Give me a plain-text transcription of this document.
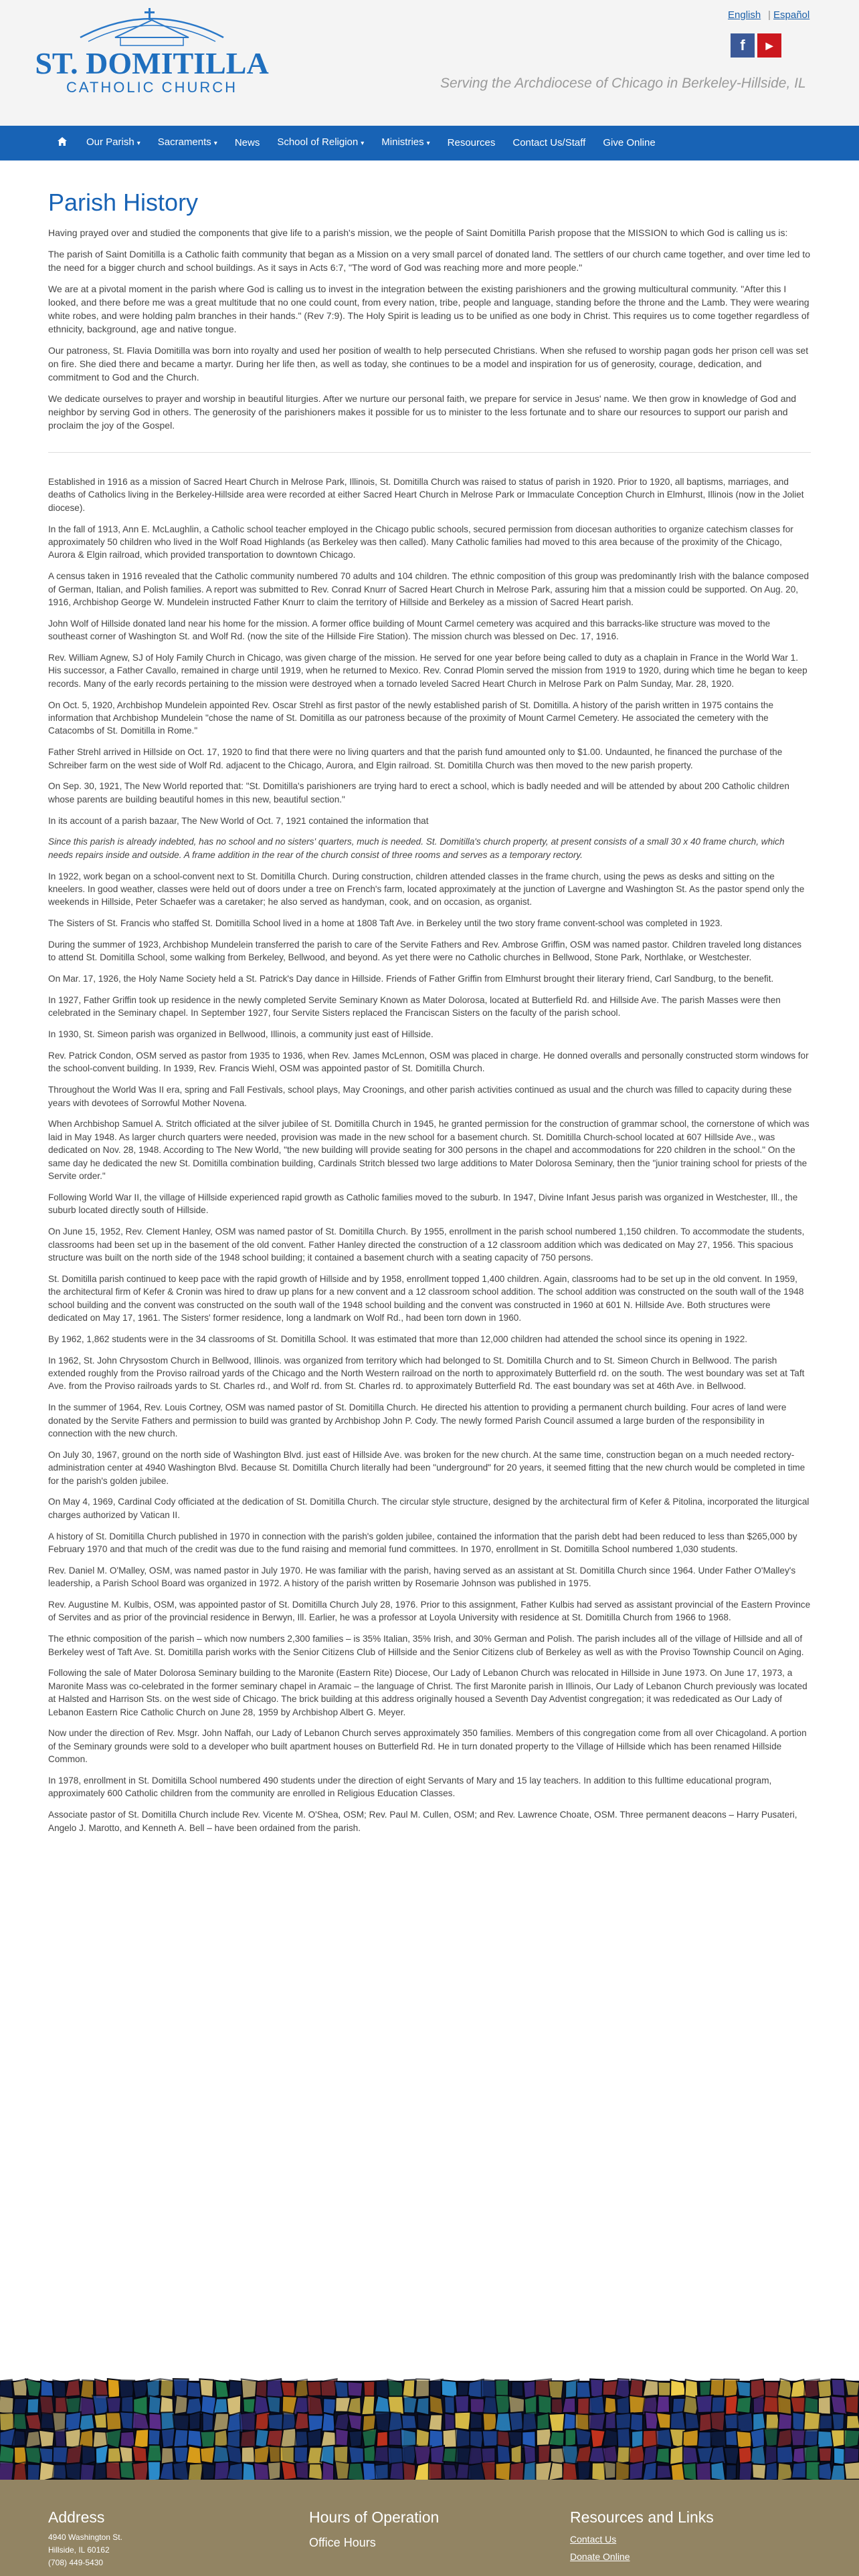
ST. DOMITILLA
CATHOLIC CHURCH
English | Español
f	▶
Serving the Archdiocese of Chicago in Berkeley-Hillside, IL
Our Parish ▾	Sacraments ▾	News	School of Religion ▾	Ministries ▾	Resources	Contact Us/Staff	Give Online
Parish History

Having prayed over and studied the components that give life to a parish's mission, we the people of Saint Domitilla Parish propose that the MISSION to which God is calling us is:

The parish of Saint Domitilla is a Catholic faith community that began as a Mission on a very small parcel of donated land. The settlers of our church came together, and over time led to the need for a bigger church and school buildings. As it says in Acts 6:7, "The word of God was reaching more and more people."

We are at a pivotal moment in the parish where God is calling us to invest in the integration between the existing parishioners and the growing multicultural community. "After this I looked, and there before me was a great multitude that no one could count, from every nation, tribe, people and language, standing before the throne and the Lamb. They were wearing white robes, and were holding palm branches in their hands." (Rev 7:9). The Holy Spirit is leading us to be unified as one body in Christ. This requires us to come together regardless of ethnicity, background, age and native tongue.

Our patroness, St. Flavia Domitilla was born into royalty and used her position of wealth to help persecuted Christians. When she refused to worship pagan gods her prison cell was set on fire. She died there and became a martyr. During her life then, as well as today, she continues to be a model and inspiration for us of generosity, courage, dedication, and commitment to God and the Church.

We dedicate ourselves to prayer and worship in beautiful liturgies. After we nurture our personal faith, we prepare for service in Jesus' name. We then grow in knowledge of God and neighbor by serving God in others. The generosity of the parishioners makes it possible for us to minister to the less fortunate and to share our resources to support our parish and proclaim the joy of the Gospel.

Established in 1916 as a mission of Sacred Heart Church in Melrose Park, Illinois, St. Domitilla Church was raised to status of parish in 1920. Prior to 1920, all baptisms, marriages, and deaths of Catholics living in the Berkeley-Hillside area were recorded at either Sacred Heart Church in Melrose Park or Immaculate Conception Church in Elmhurst, Illinois (now in the Joliet diocese).

In the fall of 1913, Ann E. McLaughlin, a Catholic school teacher employed in the Chicago public schools, secured permission from diocesan authorities to organize catechism classes for approximately 50 children who lived in the Wolf Road Highlands (as Berkeley was then called). Many Catholic families had moved to this area because of the proximity of the Chicago, Aurora & Elgin railroad, which provided transportation to downtown Chicago.

A census taken in 1916 revealed that the Catholic community numbered 70 adults and 104 children. The ethnic composition of this group was predominantly Irish with the balance composed of German, Italian, and Polish families. A report was submitted to Rev. Conrad Knurr of Sacred Heart Church in Melrose Park, assuring him that a mission could be supported. On Aug. 20, 1916, Archbishop George W. Mundelein instructed Father Knurr to claim the territory of Hillside and Berkeley as a mission of Sacred Heart parish.

John Wolf of Hillside donated land near his home for the mission. A former office building of Mount Carmel cemetery was acquired and this barracks-like structure was moved to the southeast corner of Washington St. and Wolf Rd. (now the site of the Hillside Fire Station). The mission church was blessed on Dec. 17, 1916.

Rev. William Agnew, SJ of Holy Family Church in Chicago, was given charge of the mission. He served for one year before being called to duty as a chaplain in France in the World War 1. His successor, a Father Cavallo, remained in charge until 1919, when he returned to Mexico. Rev. Conrad Plomin served the mission from 1919 to 1920, during which time he began to keep records. Many of the early records pertaining to the mission were destroyed when a tornado leveled Sacred Heart Church in Melrose Park on Palm Sunday, Mar. 28, 1920.

On Oct. 5, 1920, Archbishop Mundelein appointed Rev. Oscar Strehl as first pastor of the newly established parish of St. Domitilla. A history of the parish written in 1975 contains the information that Archbishop Mundelein "chose the name of St. Domitilla as our patroness because of the proximity of Mount Carmel Cemetery. He associated the cemetery with the Catacombs of St. Domitilla in Rome."

Father Strehl arrived in Hillside on Oct. 17, 1920 to find that there were no living quarters and that the parish fund amounted only to $1.00. Undaunted, he financed the purchase of the Schreiber farm on the west side of Wolf Rd. adjacent to the Chicago, Aurora, and Elgin railroad. St. Domitilla Church was then moved to the new parish property.

On Sep. 30, 1921, The New World reported that: "St. Domitilla's parishioners are trying hard to erect a school, which is badly needed and will be attended by about 200 Catholic children whose parents are building beautiful homes in this new, beautiful section."

In its account of a parish bazaar, The New World of Oct. 7, 1921 contained the information that

Since this parish is already indebted, has no school and no sisters' quarters, much is needed. St. Domitilla's church property, at present consists of a small 30 x 40 frame church, which needs repairs inside and outside. A frame addition in the rear of the church consist of three rooms and serves as a temporary rectory.

In 1922, work began on a school-convent next to St. Domitilla Church. During construction, children attended classes in the frame church, using the pews as desks and sitting on the kneelers. In good weather, classes were held out of doors under a tree on French's farm, located approximately at the junction of Lavergne and Washington St. As the pastor spend only the weekends in Hillside, Peter Schaefer was a caretaker; he also served as handyman, cook, and on occasion, as organist.

The Sisters of St. Francis who staffed St. Domitilla School lived in a home at 1808 Taft Ave. in Berkeley until the two story frame convent-school was completed in 1923.

During the summer of 1923, Archbishop Mundelein transferred the parish to care of the Servite Fathers and Rev. Ambrose Griffin, OSM was named pastor. Children traveled long distances to attend St. Domitilla School, some walking from Berkeley, Bellwood, and beyond. As yet there were no Catholic churches in Bellwood, Stone Park, Northlake, or Westchester.

On Mar. 17, 1926, the Holy Name Society held a St. Patrick's Day dance in Hillside. Friends of Father Griffin from Elmhurst brought their literary friend, Carl Sandburg, to the benefit.

In 1927, Father Griffin took up residence in the newly completed Servite Seminary Known as Mater Dolorosa, located at Butterfield Rd. and Hillside Ave. The parish Masses were then celebrated in the Seminary chapel. In September 1927, four Servite Sisters replaced the Franciscan Sisters on the faculty of the parish school.

In 1930, St. Simeon parish was organized in Bellwood, Illinois, a community just east of Hillside.

Rev. Patrick Condon, OSM served as pastor from 1935 to 1936, when Rev. James McLennon, OSM was placed in charge. He donned overalls and personally constructed storm windows for the school-convent building. In 1939, Rev. Francis Wiehl, OSM was appointed pastor of St. Domitilla Church.

Throughout the World Was II era, spring and Fall Festivals, school plays, May Croonings, and other parish activities continued as usual and the church was filled to capacity during these years with devotees of Sorrowful Mother Novena.

When Archbishop Samuel A. Stritch officiated at the silver jubilee of St. Domitilla Church in 1945, he granted permission for the construction of grammar school, the cornerstone of which was laid in May 1948. As larger church quarters were needed, provision was made in the new school for a basement church. St. Domitilla Church-school located at 607 Hillside Ave., was dedicated on Nov. 28, 1948. According to The New World, "the new building will provide seating for 300 persons in the chapel and accommodations for 220 children in the school." On the same day he dedicated the new St. Domitilla combination building, Cardinals Stritch blessed two large additions to Mater Dolorosa Seminary, then the "junior training school for priests of the Servite order."

Following World War II, the village of Hillside experienced rapid growth as Catholic families moved to the suburb. In 1947, Divine Infant Jesus parish was organized in Westchester, Ill., the suburb located directly south of Hillside.

On June 15, 1952, Rev. Clement Hanley, OSM was named pastor of St. Domitilla Church. By 1955, enrollment in the parish school numbered 1,150 children. To accommodate the students, classrooms had been set up in the basement of the old convent. Father Hanley directed the construction of a 12 classroom addition which was dedicated on May 27, 1956. This spacious structure was built on the north side of the 1948 school building; it contained a basement church with a seating capacity of 750 persons.

St. Domitilla parish continued to keep pace with the rapid growth of Hillside and by 1958, enrollment topped 1,400 children. Again, classrooms had to be set up in the old convent. In 1959, the architectural firm of Kefer & Cronin was hired to draw up plans for a new convent and a 12 classroom school addition. The school addition was constructed on the south wall of the 1948 school building and the convent was constructed on the south wall of the 1948 school building and the convent was constructed in 1960 at 601 N. Hillside Ave. Both structures were dedicated on May 17, 1961. The Sisters' former residence, long a landmark on Wolf Rd., had been torn down in 1960.

By 1962, 1,862 students were in the 34 classrooms of St. Domitilla School. It was estimated that more than 12,000 children had attended the school since its opening in 1922.

In 1962, St. John Chrysostom Church in Bellwood, Illinois. was organized from territory which had belonged to St. Domitilla Church and to St. Simeon Church in Bellwood. The parish extended roughly from the Proviso railroad yards of the Chicago and the North Western railroad on the north to approximately Butterfield rd. on the south. The west boundary was set at Taft Ave. from the Proviso railroads yards to St. Charles rd., and Wolf rd. from St. Charles rd. to approximately Butterfield Rd. The east boundary was set at 46th Ave. in Bellwood.

In the summer of 1964, Rev. Louis Cortney, OSM was named pastor of St. Domitilla Church. He directed his attention to providing a permanent church building. Four acres of land were donated by the Servite Fathers and permission to build was granted by Archbishop John P. Cody. The newly formed Parish Council assumed a large burden of the responsibility in connection with the new church.

On July 30, 1967, ground on the north side of Washington Blvd. just east of Hillside Ave. was broken for the new church. At the same time, construction began on a much needed rectory-administration center at 4940 Washington Blvd. Because St. Domitilla Church literally had been "underground" for 20 years, it seemed fitting that the new church would be completed in time for the parish's golden jubilee.

On May 4, 1969, Cardinal Cody officiated at the dedication of St. Domitilla Church. The circular style structure, designed by the architectural firm of Kefer & Pitolina, incorporated the liturgical charges authorized by Vatican II.

A history of St. Domitilla Church published in 1970 in connection with the parish's golden jubilee, contained the information that the parish debt had been reduced to less than $265,000 by February 1970 and that much of the credit was due to the fund raising and memorial fund committees. In 1970, enrollment in St. Domitilla School numbered 1,030 students.

Rev. Daniel M. O'Malley, OSM, was named pastor in July 1970. He was familiar with the parish, having served as an assistant at St. Domitilla Church since 1964. Under Father O'Malley's leadership, a Parish School Board was organized in 1972. A history of the parish written by Rosemarie Johnson was published in 1975.

Rev. Augustine M. Kulbis, OSM, was appointed pastor of St. Domitilla Church July 28, 1976. Prior to this assignment, Father Kulbis had served as assistant provincial of the Eastern Province of Servites and as prior of the provincial residence in Berwyn, Ill. Earlier, he was a professor at Loyola University with residence at St. Domitilla Church from 1966 to 1968.

The ethnic composition of the parish – which now numbers 2,300 families – is 35% Italian, 35% Irish, and 30% German and Polish. The parish includes all of the village of Hillside and all of Berkeley west of Taft Ave. St. Domitilla parish works with the Senior Citizens Club of Hillside and the Senior Citizens club of Berkeley as well as with the Proviso Township Council on Aging.

Following the sale of Mater Dolorosa Seminary building to the Maronite (Eastern Rite) Diocese, Our Lady of Lebanon Church was relocated in Hillside in June 1973. On June 17, 1973, a Maronite Mass was co-celebrated in the former seminary chapel in Aramaic – the language of Christ. The first Maronite parish in Illinois, Our Lady of Lebanon Church previously was located at Halsted and Harrison Sts. on the west side of Chicago. The brick building at this address originally housed a Seventh Day Adventist congregation; it was rededicated as Our Lady of Lebanon Eastern Rice Catholic Church on June 28, 1959 by Archbishop Albert G. Meyer.

Now under the direction of Rev. Msgr. John Naffah, our Lady of Lebanon Church serves approximately 350 families. Members of this congregation come from all over Chicagoland. A portion of the Seminary grounds were sold to a developer who built apartment houses on Butterfield Rd. He in turn donated property to the Village of Hillside which has been renamed Hillside Common.

In 1978, enrollment in St. Domitilla School numbered 490 students under the direction of eight Servants of Mary and 15 lay teachers. In addition to this fulltime educational program, approximately 600 Catholic children from the community are enrolled in Religious Education Classes.

Associate pastor of St. Domitilla Church include Rev. Vicente M. O'Shea, OSM; Rev. Paul M. Cullen, OSM; and Rev. Lawrence Choate, OSM. Three permanent deacons – Harry Pusateri, Angelo J. Marotto, and Kenneth A. Bell – have been ordained from the parish.

Address
4940 Washington St.
Hillside, IL 60162
(708) 449-5430
Hours of Operation
Office Hours
Resources and Links
Contact Us
Donate Online
